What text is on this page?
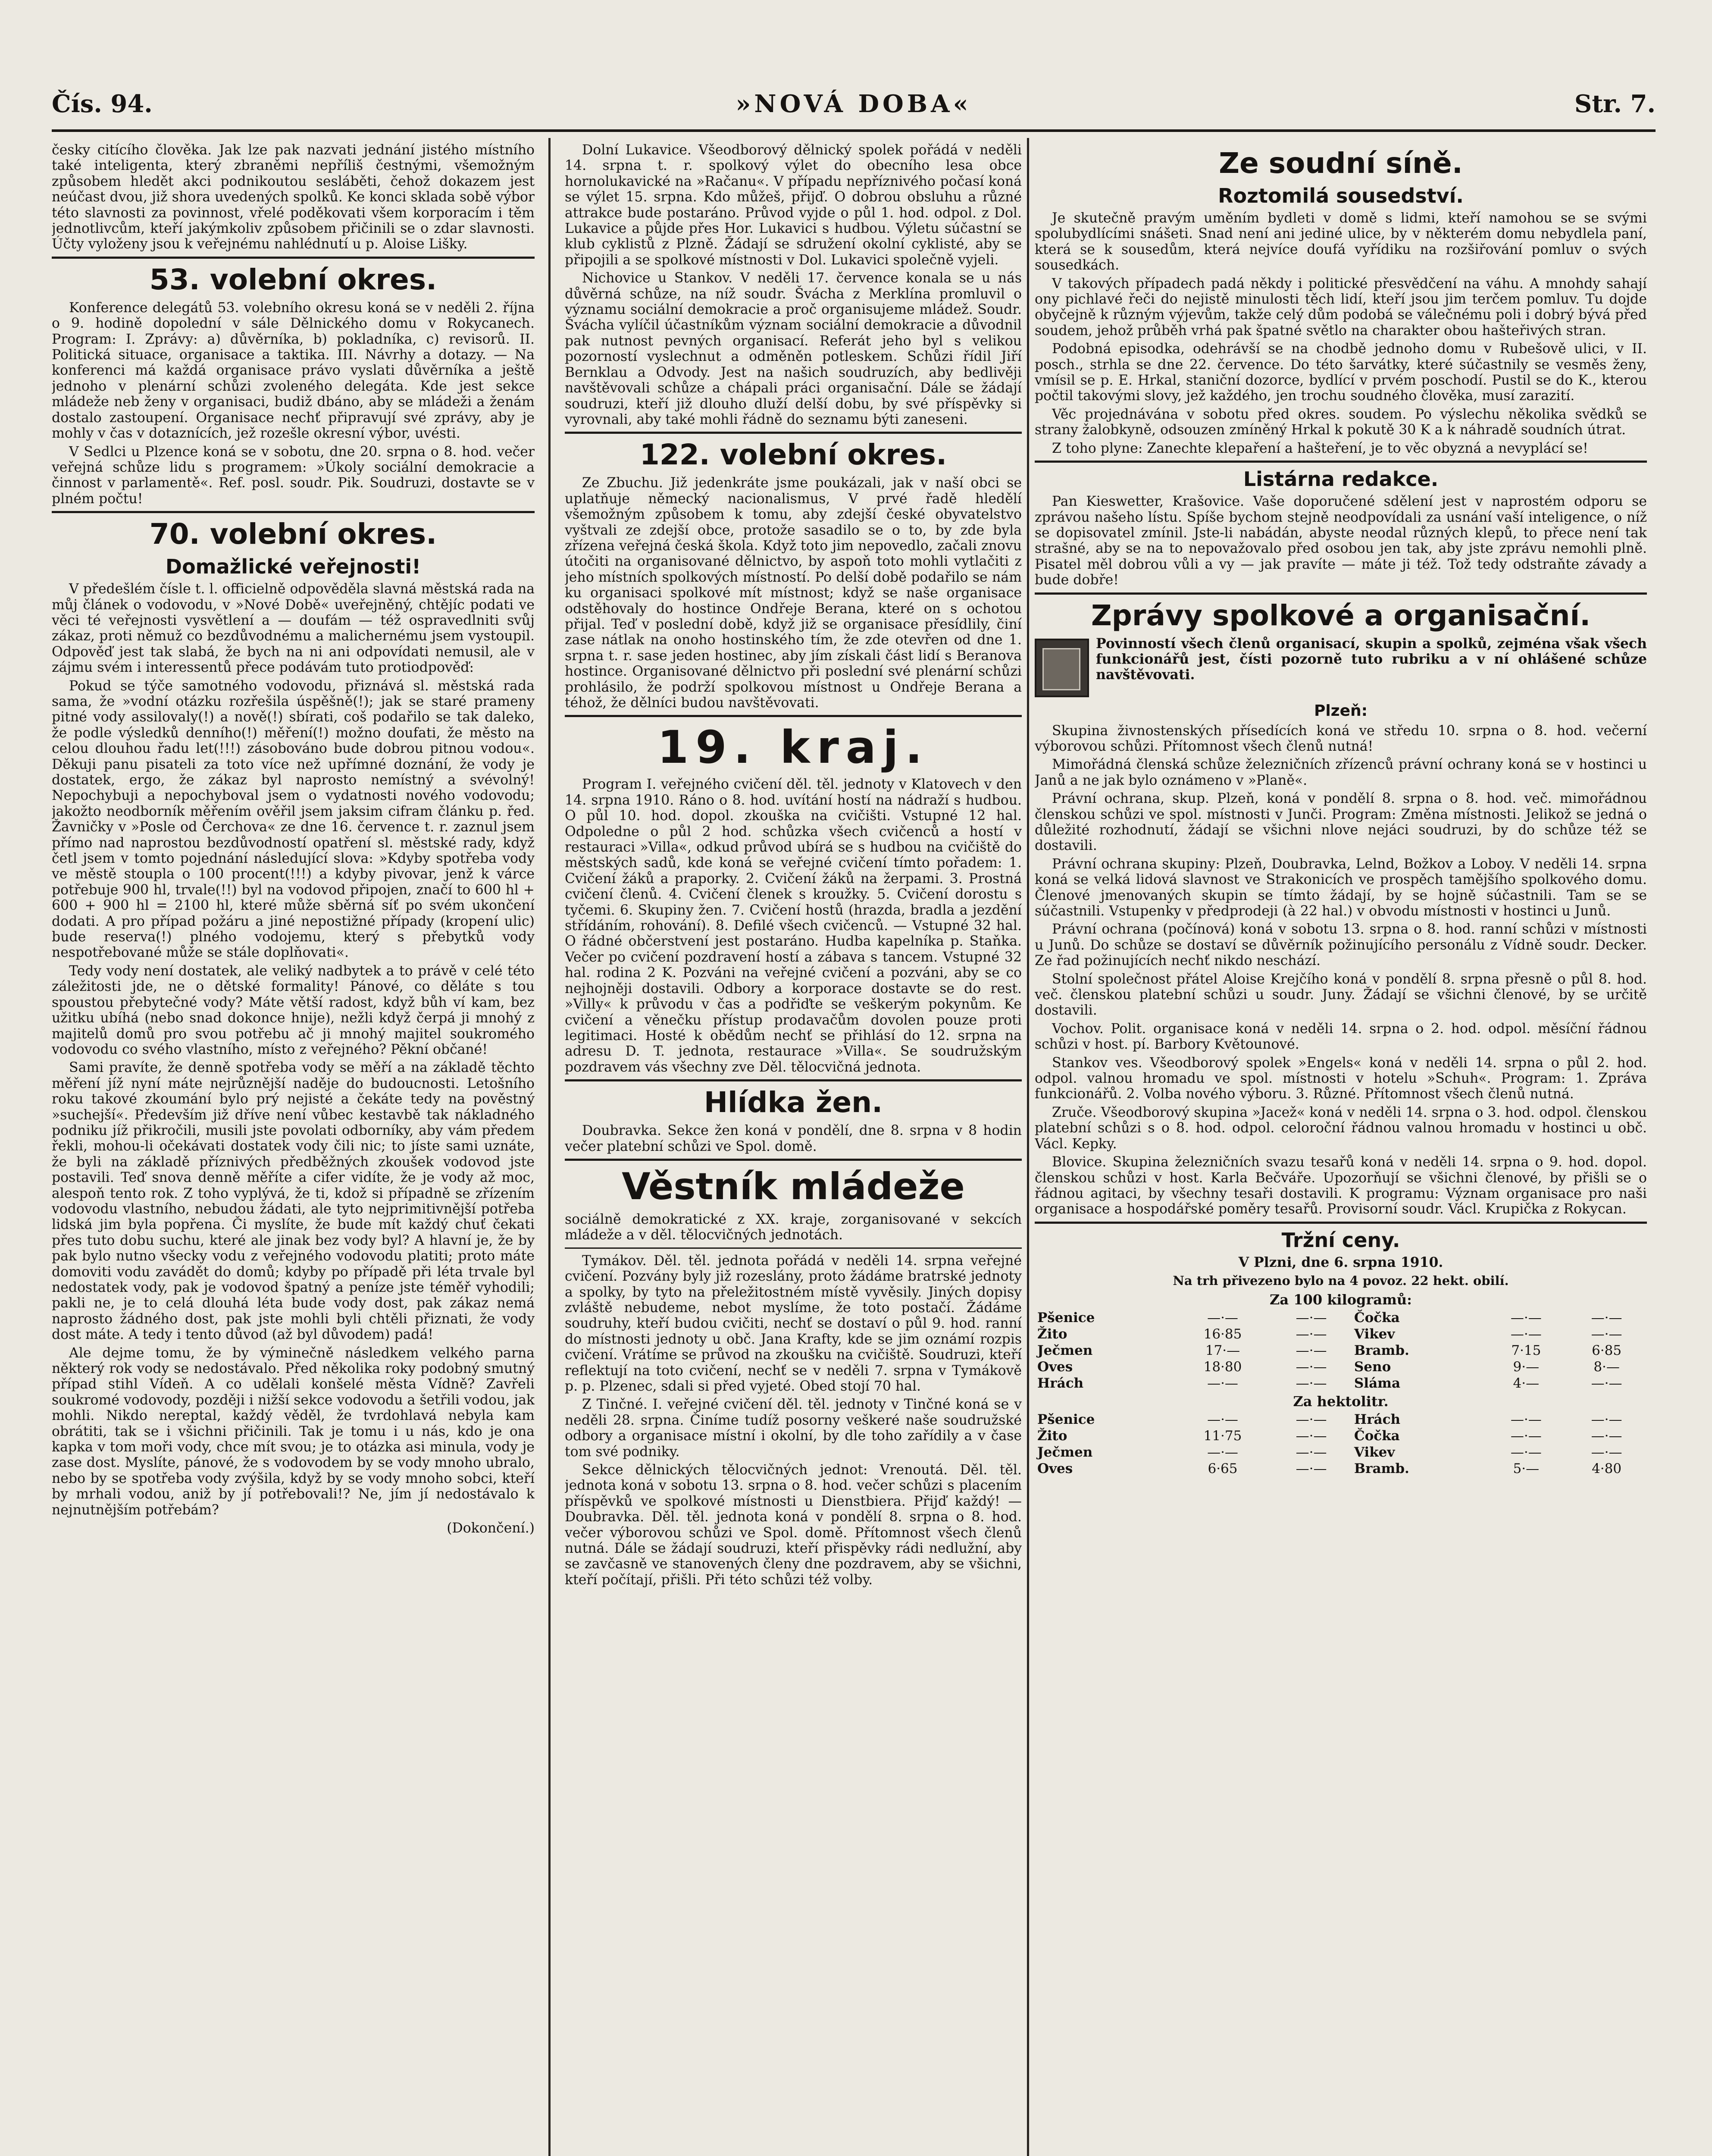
Čís. 94.	»NOVÁ DOBA«	Str. 7.

česky citícího člověka. Jak lze pak nazvati jednání jistého místního také inteligenta, který zbraněmi nepříliš čestnými, všemožným způsobem hledět akci podnikoutou sesláběti, čehož dokazem jest neúčast dvou, již shora uvedených spolků. Ke konci sklada sobě výbor této slavnosti za povinnost, vřelé poděkovati všem korporacím i těm jednotlivcům, kteří jakýmkoliv způsobem přičinili se o zdar slavnosti. Účty vyloženy jsou k veřejnému nahlédnutí u p. Aloise Lišky.

53. volební okres.

Konference delegátů 53. volebního okresu koná se v neděli 2. října o 9. hodině dopolední v sále Dělnického domu v Rokycanech. Program: I. Zprávy: a) důvěrníka, b) pokladníka, c) revisorů. II. Politická situace, organisace a taktika. III. Návrhy a dotazy. — Na konferenci má každá organisace právo vyslati důvěrníka a ještě jednoho v plenární schůzi zvoleného delegáta. Kde jest sekce mládeže neb ženy v organisaci, budiž dbáno, aby se mládeži a ženám dostalo zastoupení. Organisace nechť připravují své zprávy, aby je mohly v čas v dotaznících, jež rozešle okresní výbor, uvésti.

V Sedlci u Plzence koná se v sobotu, dne 20. srpna o 8. hod. večer veřejná schůze lidu s programem: »Úkoly sociální demokracie a činnost v parlamentě«. Ref. posl. soudr. Pik. Soudruzi, dostavte se v plném počtu!

70. volební okres.
Domažlické veřejnosti!

V předešlém čísle t. l. officielně odpověděla slavná městská rada na můj článek o vodovodu, v »Nové Době« uveřejněný, chtějíc podati ve věci té veřejnosti vysvětlení a — doufám — též ospravedlniti svůj zákaz, proti němuž co bezdůvodnému a malichernému jsem vystoupil. Odpověď jest tak slabá, že bych na ni ani odpovídati nemusil, ale v zájmu svém i interessentů přece podávám tuto protiodpověď:

Pokud se týče samotného vodovodu, přiznává sl. městská rada sama, že »vodní otázku rozřešila úspěšně(!); jak se staré prameny pitné vody assilovaly(!) a nově(!) sbírati, coš podařilo se tak daleko, že podle výsledků denního(!) měření(!) možno doufati, že město na celou dlouhou řadu let(!!!) zásobováno bude dobrou pitnou vodou«. Děkuji panu pisateli za toto více než upřímné doznání, že vody je dostatek, ergo, že zákaz byl naprosto nemístný a svévolný! Nepochybuji a nepochyboval jsem o vydatnosti nového vodovodu; jakožto neodborník měřením ověřil jsem jaksim cifram článku p. řed. Žavničky v »Posle od Čerchova« ze dne 16. července t. r. zaznul jsem přímo nad naprostou bezdůvodností opatření sl. městské rady, když četl jsem v tomto pojednání následující slova: »Kdyby spotřeba vody ve městě stoupla o 100 procent(!!!) a kdyby pivovar, jenž k várce potřebuje 900 hl, trvale(!!) byl na vodovod připojen, značí to 600 hl + 600 + 900 hl = 2100 hl, které může sběrná síť po svém ukončení dodati. A pro případ požáru a jiné nepostižné případy (kropení ulic) bude reserva(!) plného vodojemu, který s přebytků vody nespotřebované může se stále doplňovati«.

Tedy vody není dostatek, ale veliký nadbytek a to právě v celé této záležitosti jde, ne o dětské formality! Pánové, co děláte s tou spoustou přebytečné vody? Máte větší radost, když bůh ví kam, bez užitku ubíhá (nebo snad dokonce hnije), nežli když čerpá ji mnohý z majitelů domů pro svou potřebu ač ji mnohý majitel soukromého vodovodu co svého vlastního, místo z veřejného? Pěkní občané!

Sami pravíte, že denně spotřeba vody se měří a na základě těchto měření jíž nyní máte nejrůznější naděje do budoucnosti. Letošního roku takové zkoumání bylo prý nejisté a čekáte tedy na pověstný »suchejší«. Především již dříve není vůbec kestavbě tak nákladného podniku jíž přikročili, musili jste povolati odborníky, aby vám předem řekli, mohou-li očekávati dostatek vody čili nic; to jíste sami uznáte, že byli na základě příznivých předběžných zkoušek vodovod jste postavili. Teď snova denně měříte a cifer vidíte, že je vody až moc, alespoň tento rok. Z toho vyplývá, že ti, kdož si případně se zřízením vodovodu vlastního, nebudou žádati, ale tyto nejprimitivnější potřeba lidská jim byla popřena. Či myslíte, že bude mít každý chuť čekati přes tuto dobu suchu, které ale jinak bez vody byl? A hlavní je, že by pak bylo nutno všecky vodu z veřejného vodovodu platiti; proto máte domoviti vodu zavádět do domů; kdyby po případě při léta trvale byl nedostatek vody, pak je vodovod špatný a peníze jste téměř vyhodili; pakli ne, je to celá dlouhá léta bude vody dost, pak zákaz nemá naprosto žádného dost, pak jste mohli byli chtěli přiznati, že vody dost máte. A tedy i tento důvod (až byl důvodem) padá!

Ale dejme tomu, že by výminečně následkem velkého parna některý rok vody se nedostávalo. Před několika roky podobný smutný případ stihl Vídeň. A co udělali konšelé města Vídně? Zavřeli soukromé vodovody, později i nižší sekce vodovodu a šetřili vodou, jak mohli. Nikdo nereptal, každý věděl, že tvrdohlavá nebyla kam obrátiti, tak se i všichni přičinili. Tak je tomu i u nás, kdo je ona kapka v tom moři vody, chce mít svou; je to otázka asi minula, vody je zase dost. Myslíte, pánové, že s vodovodem by se vody mnoho ubralo, nebo by se spotřeba vody zvýšila, když by se vody mnoho sobci, kteří by mrhali vodou, aniž by jí potřebovali!? Ne, jím jí nedostávalo k nejnutnějším potřebám?

(Dokončení.)

Dolní Lukavice. Všeodborový dělnický spolek pořádá v neděli 14. srpna t. r. spolkový výlet do obecního lesa obce hornolukavické na »Račanu«. V případu nepříznivého počasí koná se výlet 15. srpna. Kdo můžeš, přijď. O dobrou obsluhu a různé attrakce bude postaráno. Průvod vyjde o půl 1. hod. odpol. z Dol. Lukavice a půjde přes Hor. Lukavici s hudbou. Výletu súčastní se klub cyklistů z Plzně. Žádají se sdružení okolní cyklisté, aby se připojili a se spolkové místnosti v Dol. Lukavici společně vyjeli.

Nichovice u Stankov. V neděli 17. července konala se u nás důvěrná schůze, na níž soudr. Švácha z Merklína promluvil o významu sociální demokracie a proč organisujeme mládež. Soudr. Švácha vylíčil účastníkům význam sociální demokracie a důvodnil pak nutnost pevných organisací. Referát jeho byl s velikou pozorností vyslechnut a odměněn potleskem. Schůzi řídil Jiří Bernklau a Odvody. Jest na našich soudruzích, aby bedlivěji navštěvovali schůze a chápali práci organisační. Dále se žádají soudruzi, kteří již dlouho dluží delší dobu, by své příspěvky si vyrovnali, aby také mohli řádně do seznamu býti zaneseni.

122. volební okres.

Ze Zbuchu. Již jedenkráte jsme poukázali, jak v naší obci se uplatňuje německý nacionalismus, V prvé řadě hledělí všemožným způsobem k tomu, aby zdejší české obyvatelstvo vyštvali ze zdejší obce, protože sasadilo se o to, by zde byla zřízena veřejná česká škola. Když toto jim nepovedlo, začali znovu útočiti na organisované dělnictvo, by aspoň toto mohli vytlačiti z jeho místních spolkových místností. Po delší době podařilo se nám ku organisaci spolkové mít místnost; když se naše organisace odstěhovaly do hostince Ondřeje Berana, které on s ochotou přijal. Teď v poslední době, když již se organisace přesídlily, činí zase nátlak na onoho hostinského tím, že zde otevřen od dne 1. srpna t. r. sase jeden hostinec, aby jím získali část lidí s Beranova hostince. Organisované dělnictvo při poslední své plenární schůzi prohlásilo, že podrží spolkovou místnost u Ondřeje Berana a téhož, že dělníci budou navštěvovati.

19. kraj.

Program I. veřejného cvičení děl. těl. jednoty v Klatovech v den 14. srpna 1910. Ráno o 8. hod. uvítání hostí na nádraží s hudbou. O půl 10. hod. dopol. zkouška na cvičišti. Vstupné 12 hal. Odpoledne o půl 2 hod. schůzka všech cvičenců a hostí v restauraci »Villa«, odkud průvod ubírá se s hudbou na cvičiště do městských sadů, kde koná se veřejné cvičení tímto pořadem: 1. Cvičení žáků a praporky. 2. Cvičení žáků na žerpami. 3. Prostná cvičení členů. 4. Cvičení členek s kroužky. 5. Cvičení dorostu s tyčemi. 6. Skupiny žen. 7. Cvičení hostů (hrazda, bradla a jezdění střídáním, rohování). 8. Defilé všech cvičenců. — Vstupné 32 hal. O řádné občerstvení jest postaráno. Hudba kapelníka p. Staňka. Večer po cvičení pozdravení hostí a zábava s tancem. Vstupné 32 hal. rodina 2 K. Pozváni na veřejné cvičení a pozváni, aby se co nejhojněji dostavili. Odbory a korporace dostavte se do rest. »Villy« k průvodu v čas a podřiďte se veškerým pokynům. Ke cvičení a věnečku přístup prodavačům dovolen pouze proti legitimaci. Hosté k obědům nechť se přihlásí do 12. srpna na adresu D. T. jednota, restaurace »Villa«. Se soudružským pozdravem vás všechny zve Děl. tělocvičná jednota.

Hlídka žen.

Doubravka. Sekce žen koná v pondělí, dne 8. srpna v 8 hodin večer platební schůzi ve Spol. domě.

Věstník mládeže

sociálně demokratické z XX. kraje, zorganisované v sekcích mládeže a v děl. tělocvičných jednotách.

Tymákov. Děl. těl. jednota pořádá v neděli 14. srpna veřejné cvičení. Pozvány byly již rozeslány, proto žádáme bratrské jednoty a spolky, by tyto na přeležitostném místě vyvěsily. Jiných dopisy zvláště nebudeme, nebot myslíme, že toto postačí. Žádáme soudruhy, kteří budou cvičiti, nechť se dostaví o půl 9. hod. ranní do místnosti jednoty u obč. Jana Krafty, kde se jim oznámí rozpis cvičení. Vrátíme se průvod na zkoušku na cvičiště. Soudruzi, kteří reflektují na toto cvičení, nechť se v neděli 7. srpna v Tymákově p. p. Plzenec, sdali si před vyjeté. Obed stojí 70 hal.

Z Tinčné. I. veřejné cvičení děl. těl. jednoty v Tinčné koná se v neděli 28. srpna. Činíme tudíž posorny veškeré naše soudružské odbory a organisace místní i okolní, by dle toho zařídily a v čase tom své podniky.

Sekce dělnických tělocvičných jednot: Vrenoutá. Děl. těl. jednota koná v sobotu 13. srpna o 8. hod. večer schůzi s placením příspěvků ve spolkové místnosti u Dienstbiera. Přijď každý! — Doubravka. Děl. těl. jednota koná v pondělí 8. srpna o 8. hod. večer výborovou schůzi ve Spol. domě. Přítomnost všech členů nutná. Dále se žádají soudruzi, kteří přispěvky rádi nedlužní, aby se zavčasně ve stanovených členy dne pozdravem, aby se všichni, kteří počítají, přišli. Při této schůzi též volby.

Ze soudní síně.
Roztomilá sousedství.

Je skutečně pravým uměním bydleti v domě s lidmi, kteří namohou se se svými spolubydlícími snášeti. Snad není ani jediné ulice, by v některém domu nebydlela paní, která se k sousedům, která nejvíce doufá vyřídiku na rozšiřování pomluv o svých sousedkách.

V takových případech padá někdy i politické přesvědčení na váhu. A mnohdy sahají ony pichlavé řeči do nejistě minulosti těch lidí, kteří jsou jim terčem pomluv. Tu dojde obyčejně k různým výjevům, takže celý dům podobá se válečnému poli i dobrý bývá před soudem, jehož průběh vrhá pak špatné světlo na charakter obou hašteřivých stran.

Podobná episodka, odehrávší se na chodbě jednoho domu v Rubešově ulici, v II. posch., strhla se dne 22. července. Do této šarvátky, které súčastnily se vesměs ženy, vmísil se p. E. Hrkal, staniční dozorce, bydlící v prvém poschodí. Pustil se do K., kterou počtil takovými slovy, jež každého, jen trochu soudného člověka, musí zarazití.

Věc projednávána v sobotu před okres. soudem. Po výslechu několika svědků se strany žalobkyně, odsouzen zmíněný Hrkal k pokutě 30 K a k náhradě soudních útrat.

Z toho plyne: Zanechte klepaření a hašteření, je to věc obyzná a nevyplácí se!

Listárna redakce.

Pan Kieswetter, Krašovice. Vaše doporučené sdělení jest v naprostém odporu se zprávou našeho lístu. Spíše bychom stejně neodpovídali za usnání vaší inteligence, o níž se dopisovatel zmínil. Jste-li nabádán, abyste neodal různých klepů, to přece není tak strašné, aby se na to nepovažovalo před osobou jen tak, aby jste zprávu nemohli plně. Pisatel měl dobrou vůli a vy — jak pravíte — máte ji též. Tož tedy odstraňte závady a bude dobře!

Zprávy spolkové a organisační.

Povinností všech členů organisací, skupin a spolků, zejména však všech funkcionářů jest, čísti pozorně tuto rubriku a v ní ohlášené schůze navštěvovati.

Plzeň:

Skupina živnostenských přísedících koná ve středu 10. srpna o 8. hod. večerní výborovou schůzi. Přítomnost všech členů nutná!

Mimořádná členská schůze železničních zřízenců právní ochrany koná se v hostinci u Janů a ne jak bylo oznámeno v »Planě«.

Právní ochrana, skup. Plzeň, koná v pondělí 8. srpna o 8. hod. več. mimořádnou členskou schůzi ve spol. místnosti v Junči. Program: Změna místnosti. Jelikož se jedná o důležité rozhodnutí, žádají se všichni nlove nejáci soudruzi, by do schůze též se dostavili.

Právní ochrana skupiny: Plzeň, Doubravka, Lelnd, Božkov a Loboy. V neděli 14. srpna koná se velká lidová slavnost ve Strakonicích ve prospěch tamějšího spolkového domu. Členové jmenovaných skupin se tímto žádají, by se hojně súčastnili. Tam se se súčastnili. Vstupenky v předprodeji (à 22 hal.) v obvodu místnosti v hostinci u Junů.

Právní ochrana (počínová) koná v sobotu 13. srpna o 8. hod. ranní schůzi v místnosti u Junů. Do schůze se dostaví se důvěrník požinujícího personálu z Vídně soudr. Decker. Ze řad požinujících nechť nikdo neschází.

Stolní společnost přátel Aloise Krejčího koná v pondělí 8. srpna přesně o půl 8. hod. več. členskou platební schůzi u soudr. Juny. Žádají se všichni členové, by se určitě dostavili.

Vochov. Polit. organisace koná v neděli 14. srpna o 2. hod. odpol. měsíční řádnou schůzi v host. pí. Barbory Květounové.

Stankov ves. Všeodborový spolek »Engels« koná v neděli 14. srpna o půl 2. hod. odpol. valnou hromadu ve spol. místnosti v hotelu »Schuh«. Program: 1. Zpráva funkcionářů. 2. Volba nového výboru. 3. Různé. Přítomnost všech členů nutná.

Zruče. Všeodborový skupina »Jacež« koná v neděli 14. srpna o 3. hod. odpol. členskou platební schůzi s o 8. hod. odpol. celoroční řádnou valnou hromadu v hostinci u obč. Václ. Kepky.

Blovice. Skupina železničních svazu tesařů koná v neděli 14. srpna o 9. hod. dopol. členskou schůzi v host. Karla Bečváře. Upozorňují se všichni členové, by přišli se o řádnou agitaci, by všechny tesaři dostavili. K programu: Význam organisace pro naši organisace a hospodářské poměry tesařů. Provisorní soudr. Václ. Krupička z Rokycan.

Tržní ceny.

V Plzni, dne 6. srpna 1910.

Na trh přivezeno bylo na 4 povoz. 22 hekt. obilí.

Za 100 kilogramů:
Pšenice	—·—	—·—	Čočka	—·—	—·—
Žito	16·85	—·—	Vikev	—·—	—·—
Ječmen	17·—	—·—	Bramb.	7·15	6·85
Oves	18·80	—·—	Seno	9·—	8·—
Hrách	—·—	—·—	Sláma	4·—	—·—
Za hektolitr.
Pšenice	—·—	—·—	Hrách	—·—	—·—
Žito	11·75	—·—	Čočka	—·—	—·—
Ječmen	—·—	—·—	Vikev	—·—	—·—
Oves	6·65	—·—	Bramb.	5·—	4·80
